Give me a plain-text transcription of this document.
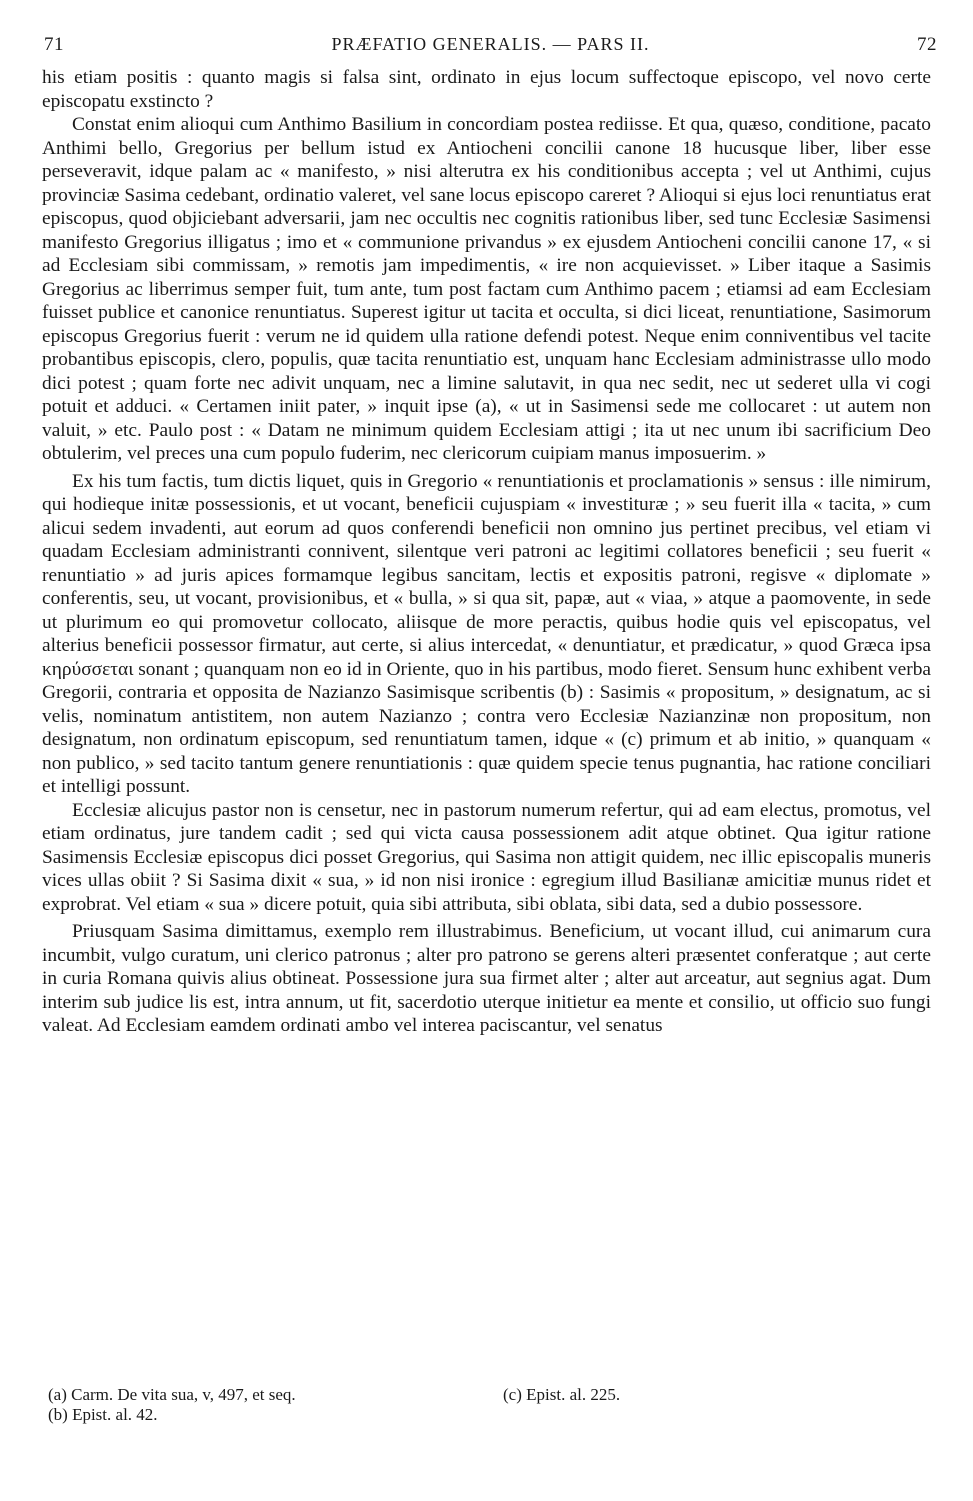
71	PRÆFATIO GENERALIS. — PARS II.	72

his etiam positis : quanto magis si falsa sint, ordinato in ejus locum suffectoque episcopo, vel novo certe episcopatu exstincto ?

Constat enim alioqui cum Anthimo Basilium in concordiam postea rediisse. Et qua, quæso, conditione, pacato Anthimi bello, Gregorius per bellum istud ex Antiocheni concilii canone 18 hucusque liber, liber esse perseveravit, idque palam ac « manifesto, » nisi alterutra ex his conditionibus accepta ; vel ut Anthimi, cujus provinciæ Sasima cedebant, ordinatio valeret, vel sane locus episcopo careret ? Alioqui si ejus loci renuntiatus erat episcopus, quod objiciebant adversarii, jam nec occultis nec cognitis rationibus liber, sed tunc Ecclesiæ Sasimensi manifesto Gregorius illigatus ; imo et « communione privandus » ex ejusdem Antiocheni concilii canone 17, « si ad Ecclesiam sibi commissam, » remotis jam impedimentis, « ire non acquievisset. » Liber itaque a Sasimis Gregorius ac liberrimus semper fuit, tum ante, tum post factam cum Anthimo pacem ; etiamsi ad eam Ecclesiam fuisset publice et canonice renuntiatus. Superest igitur ut tacita et occulta, si dici liceat, renuntiatione, Sasimorum episcopus Gregorius fuerit : verum ne id quidem ulla ratione defendi potest. Neque enim conniventibus vel tacite probantibus episcopis, clero, populis, quæ tacita renuntiatio est, unquam hanc Ecclesiam administrasse ullo modo dici potest ; quam forte nec adivit unquam, nec a limine salutavit, in qua nec sedit, nec ut sederet ulla vi cogi potuit et adduci. « Certamen iniit pater, » inquit ipse (a), « ut in Sasimensi sede me collocaret : ut autem non valuit, » etc. Paulo post : « Datam ne minimum quidem Ecclesiam attigi ; ita ut nec unum ibi sacrificium Deo obtulerim, vel preces una cum populo fuderim, nec clericorum cuipiam manus imposuerim. »

Ex his tum factis, tum dictis liquet, quis in Gregorio « renuntiationis et proclamationis » sensus : ille nimirum, qui hodieque initæ possessionis, et ut vocant, beneficii cujuspiam « investituræ ; » seu fuerit illa « tacita, » cum alicui sedem invadenti, aut eorum ad quos conferendi beneficii non omnino jus pertinet precibus, vel etiam vi quadam Ecclesiam administranti connivent, silentque veri patroni ac legitimi collatores beneficii ; seu fuerit « renuntiatio » ad juris apices formamque legibus sancitam, lectis et expositis patroni, regisve « diplomate » conferentis, seu, ut vocant, provisionibus, et « bulla, » si qua sit, papæ, aut « viaa, » atque a paomovente, in sede ut plurimum eo qui promovetur collocato, aliisque de more peractis, quibus hodie quis vel episcopatus, vel alterius beneficii possessor firmatur, aut certe, si alius intercedat, « denuntiatur, et prædicatur, » quod Græca ipsa κηρύσσεται sonant ; quanquam non eo id in Oriente, quo in his partibus, modo fieret. Sensum hunc exhibent verba Gregorii, contraria et opposita de Nazianzo Sasimisque scribentis (b) : Sasimis « propositum, » designatum, ac si velis, nominatum antistitem, non autem Nazianzo ; contra vero Ecclesiæ Nazianzinæ non propositum, non designatum, non ordinatum episcopum, sed renuntiatum tamen, idque « (c) primum et ab initio, » quanquam « non publico, » sed tacito tantum genere renuntiationis : quæ quidem specie tenus pugnantia, hac ratione conciliari et intelligi possunt.

Ecclesiæ alicujus pastor non is censetur, nec in pastorum numerum refertur, qui ad eam electus, promotus, vel etiam ordinatus, jure tandem cadit ; sed qui victa causa possessionem adit atque obtinet. Qua igitur ratione Sasimensis Ecclesiæ episcopus dici posset Gregorius, qui Sasima non attigit quidem, nec illic episcopalis muneris vices ullas obiit ? Si Sasima dixit « sua, » id non nisi ironice : egregium illud Basilianæ amicitiæ munus ridet et exprobrat. Vel etiam « sua » dicere potuit, quia sibi attributa, sibi oblata, sibi data, sed a dubio possessore.

Priusquam Sasima dimittamus, exemplo rem illustrabimus. Beneficium, ut vocant illud, cui animarum cura incumbit, vulgo curatum, uni clerico patronus ; alter pro patrono se gerens alteri præsentet conferatque ; aut certe in curia Romana quivis alius obtineat. Possessione jura sua firmet alter ; alter aut arceatur, aut segnius agat. Dum interim sub judice lis est, intra annum, ut fit, sacerdotio uterque initietur ea mente et consilio, ut officio suo fungi valeat. Ad Ecclesiam eamdem ordinati ambo vel interea paciscantur, vel senatus

(a) Carm. De vita sua, v, 497, et seq.
(b) Epist. al. 42.
(c) Epist. al. 225.
